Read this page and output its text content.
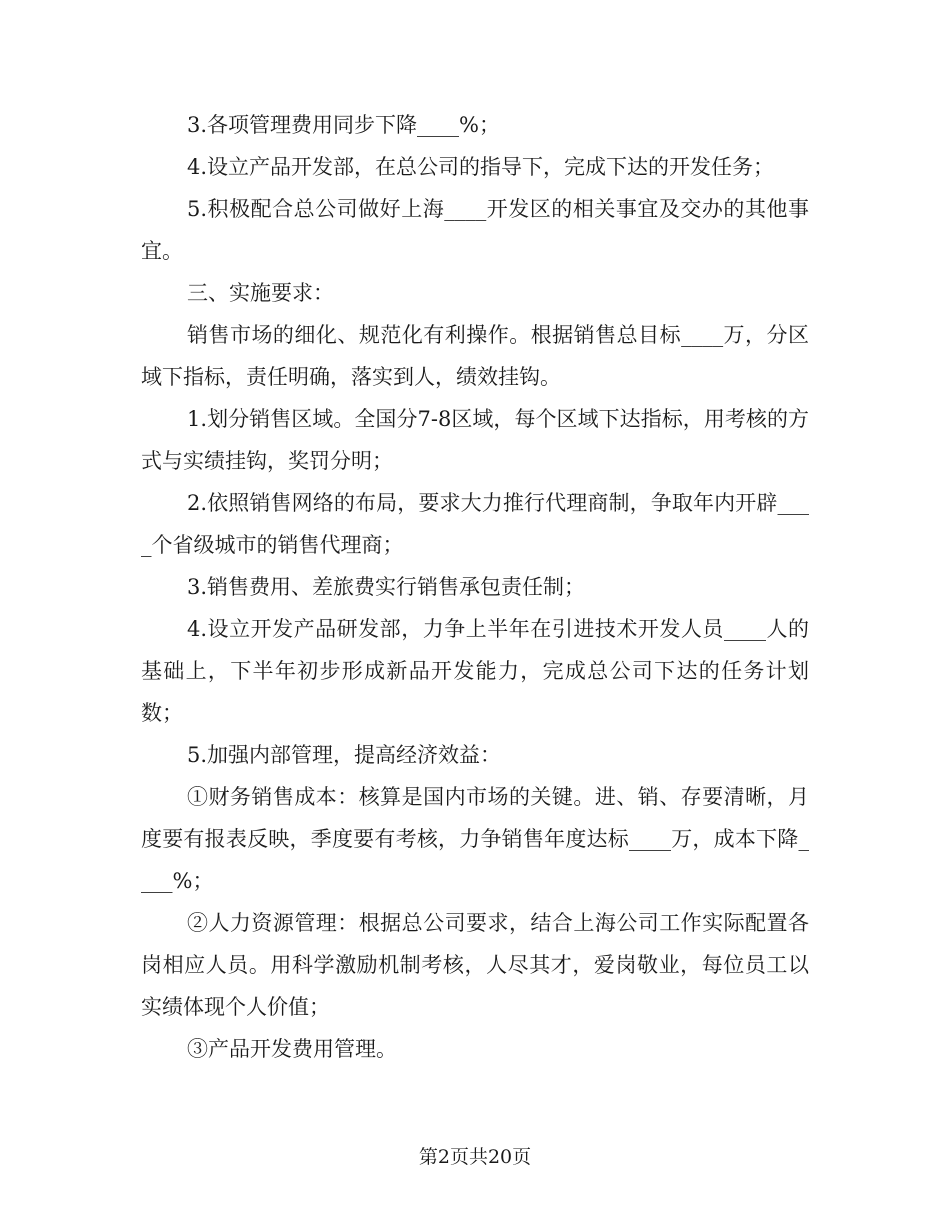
3.各项管理费用同步下降____%；

4.设立产品开发部，在总公司的指导下，完成下达的开发任务；

5.积极配合总公司做好上海____开发区的相关事宜及交办的其他事宜。

三、实施要求：

销售市场的细化、规范化有利操作。根据销售总目标____万，分区域下指标，责任明确，落实到人，绩效挂钩。

1.划分销售区域。全国分7-8区域，每个区域下达指标，用考核的方式与实绩挂钩，奖罚分明；

2.依照销售网络的布局，要求大力推行代理商制，争取年内开辟____个省级城市的销售代理商；

3.销售费用、差旅费实行销售承包责任制；

4.设立开发产品研发部，力争上半年在引进技术开发人员____人的基础上，下半年初步形成新品开发能力，完成总公司下达的任务计划数；

5.加强内部管理，提高经济效益：

①财务销售成本：核算是国内市场的关键。进、销、存要清晰，月度要有报表反映，季度要有考核，力争销售年度达标____万，成本下降____%；

②人力资源管理：根据总公司要求，结合上海公司工作实际配置各岗相应人员。用科学激励机制考核，人尽其才，爱岗敬业，每位员工以实绩体现个人价值；

③产品开发费用管理。

第2页共20页
